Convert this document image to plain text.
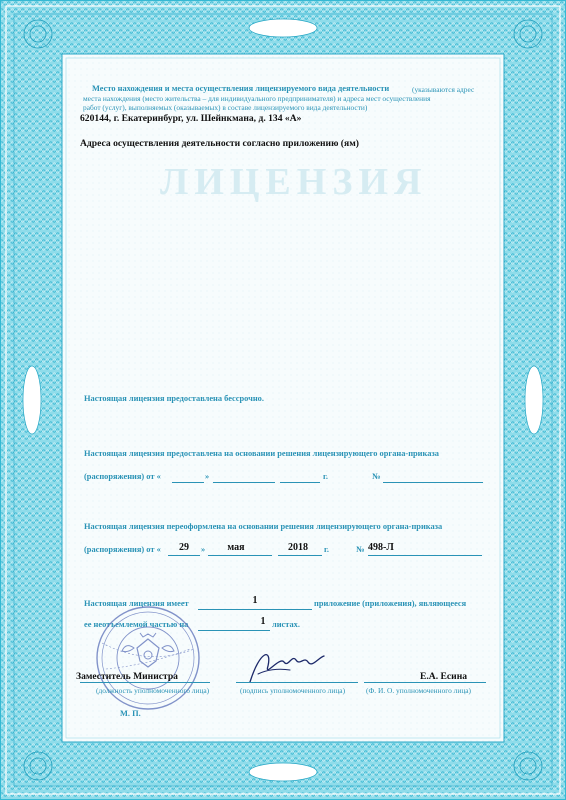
ЛИЦЕНЗИЯ
Место нахождения и места осуществления лицензируемого вида деятельности	(указываются адрес
места нахождения (место жительства – для индивидуального предпринимателя) и адреса мест осуществления
работ (услуг), выполняемых (оказываемых) в составе лицензируемого вида деятельности)
620144, г. Екатеринбург, ул. Шейнкмана, д. 134 «А»
Адреса осуществления деятельности согласно приложению (ям)
Настоящая лицензия предоставлена бессрочно.
Настоящая лицензия предоставлена на основании решения лицензирующего органа-приказа
(распоряжения) от «	»	г.	№
Настоящая лицензия переоформлена на основании решения лицензирующего органа-приказа
(распоряжения) от «	29	»	мая	2018	г.	№ 498-Л
Настоящая лицензия имеет	1	приложение (приложения), являющееся
ее неотъемлемой частью на	1 листах.
Заместитель Министра	Е.А. Есина
(должность уполномоченного лица)	(подпись уполномоченного лица)	(Ф. И. О. уполномоченного лица)
М. П.
